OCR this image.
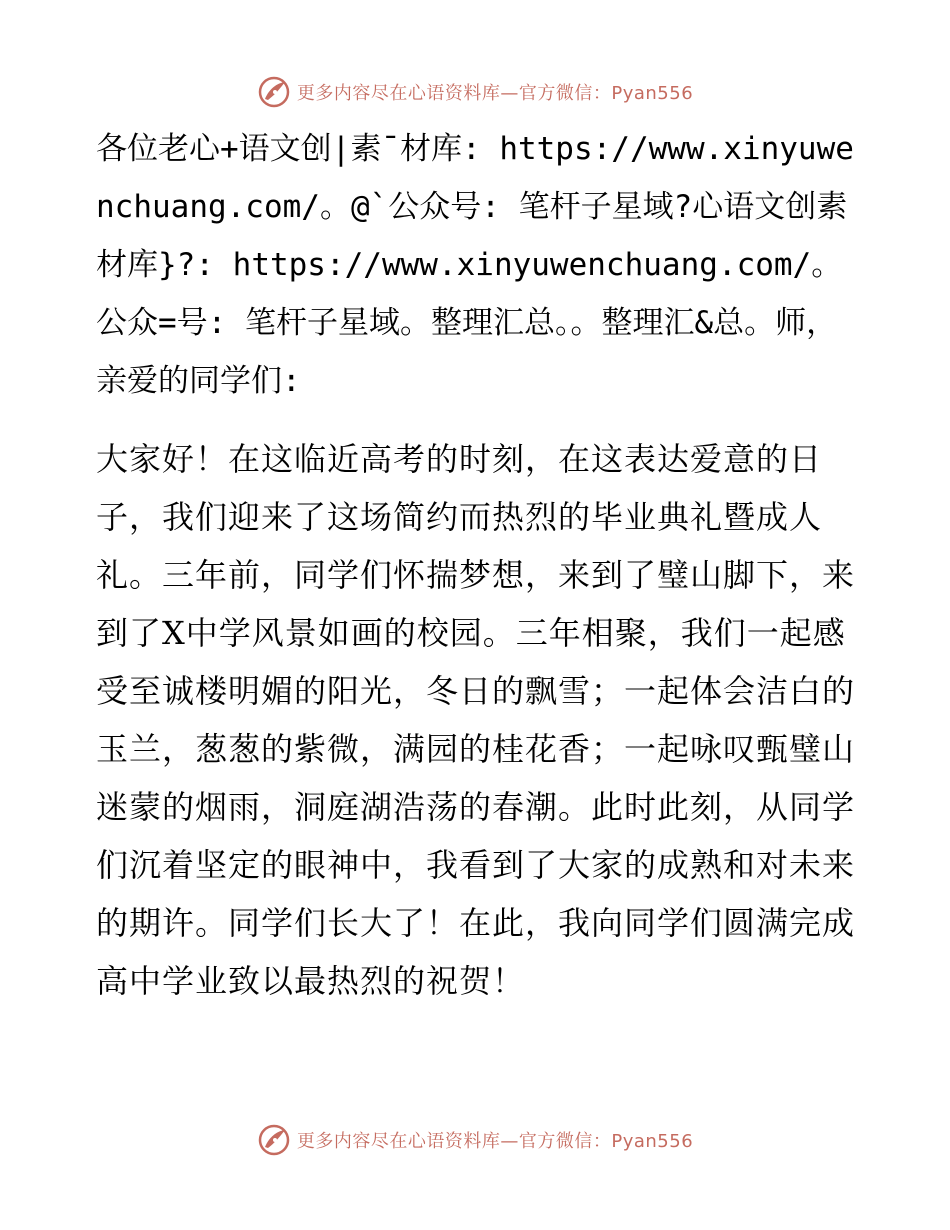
更多内容尽在心语资料库—官方微信：Pyan556

各位老心+语文创|素¯材库: https://www.xinyuwenchuang.com/。@`公众号: 笔杆子星域?心语文创素材库}?: https://www.xinyuwenchuang.com/。公众=号: 笔杆子星域。整理汇总。。整理汇&总。师，亲爱的同学们:

大家好！在这临近高考的时刻，在这表达爱意的日子，我们迎来了这场简约而热烈的毕业典礼暨成人礼。三年前，同学们怀揣梦想，来到了璧山脚下，来到了X中学风景如画的校园。三年相聚，我们一起感受至诚楼明媚的阳光，冬日的飘雪；一起体会洁白的玉兰，葱葱的紫微，满园的桂花香；一起咏叹甄璧山迷蒙的烟雨，洞庭湖浩荡的春潮。此时此刻，从同学们沉着坚定的眼神中，我看到了大家的成熟和对未来的期许。同学们长大了！在此，我向同学们圆满完成高中学业致以最热烈的祝贺！

更多内容尽在心语资料库—官方微信：Pyan556
